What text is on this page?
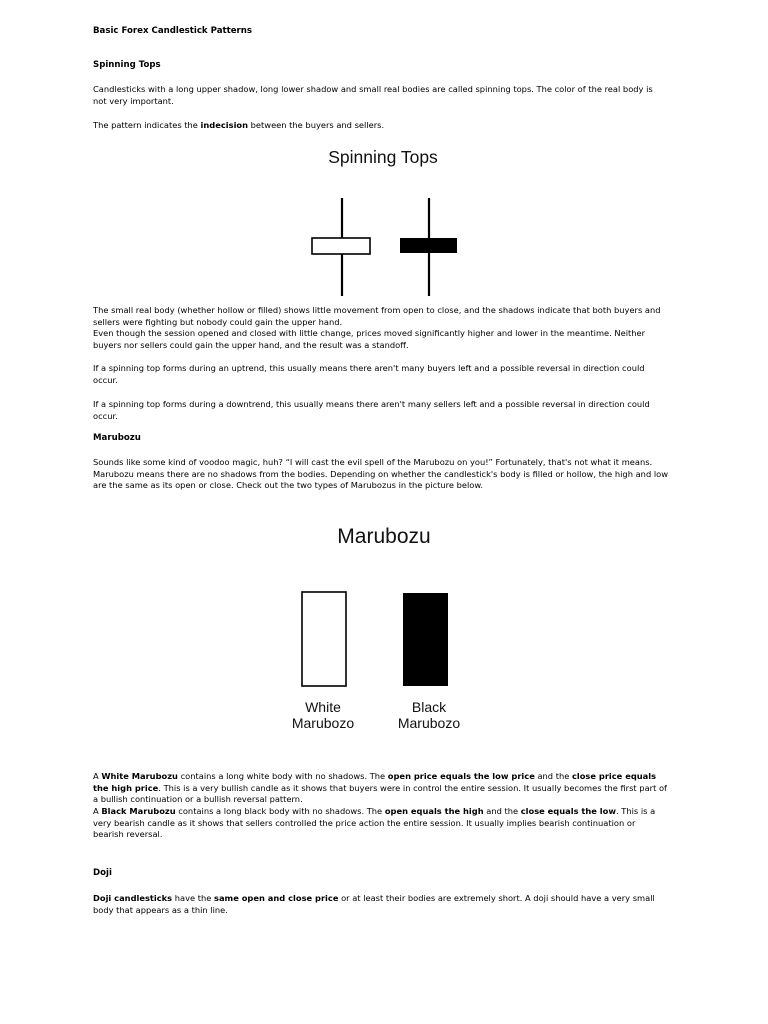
Basic Forex Candlestick Patterns
Spinning Tops

Candlesticks with a long upper shadow, long lower shadow and small real bodies are called spinning tops. The color of the real body is not very important.

The pattern indicates the indecision between the buyers and sellers.

Spinning Tops

The small real body (whether hollow or filled) shows little movement from open to close, and the shadows indicate that both buyers and sellers were fighting but nobody could gain the upper hand.

Even though the session opened and closed with little change, prices moved significantly higher and lower in the meantime. Neither buyers nor sellers could gain the upper hand, and the result was a standoff.

If a spinning top forms during an uptrend, this usually means there aren't many buyers left and a possible reversal in direction could occur.

If a spinning top forms during a downtrend, this usually means there aren't many sellers left and a possible reversal in direction could occur.

Marubozu

Sounds like some kind of voodoo magic, huh? “I will cast the evil spell of the Marubozu on you!” Fortunately, that's not what it means. Marubozu means there are no shadows from the bodies. Depending on whether the candlestick's body is filled or hollow, the high and low are the same as its open or close. Check out the two types of Marubozus in the picture below.

Marubozu
White
Marubozo
Black
Marubozo

A White Marubozu contains a long white body with no shadows. The open price equals the low price and the close price equals the high price. This is a very bullish candle as it shows that buyers were in control the entire session. It usually becomes the first part of a bullish continuation or a bullish reversal pattern.

A Black Marubozu contains a long black body with no shadows. The open equals the high and the close equals the low. This is a very bearish candle as it shows that sellers controlled the price action the entire session. It usually implies bearish continuation or bearish reversal.

Doji

Doji candlesticks have the same open and close price or at least their bodies are extremely short. A doji should have a very small body that appears as a thin line.
